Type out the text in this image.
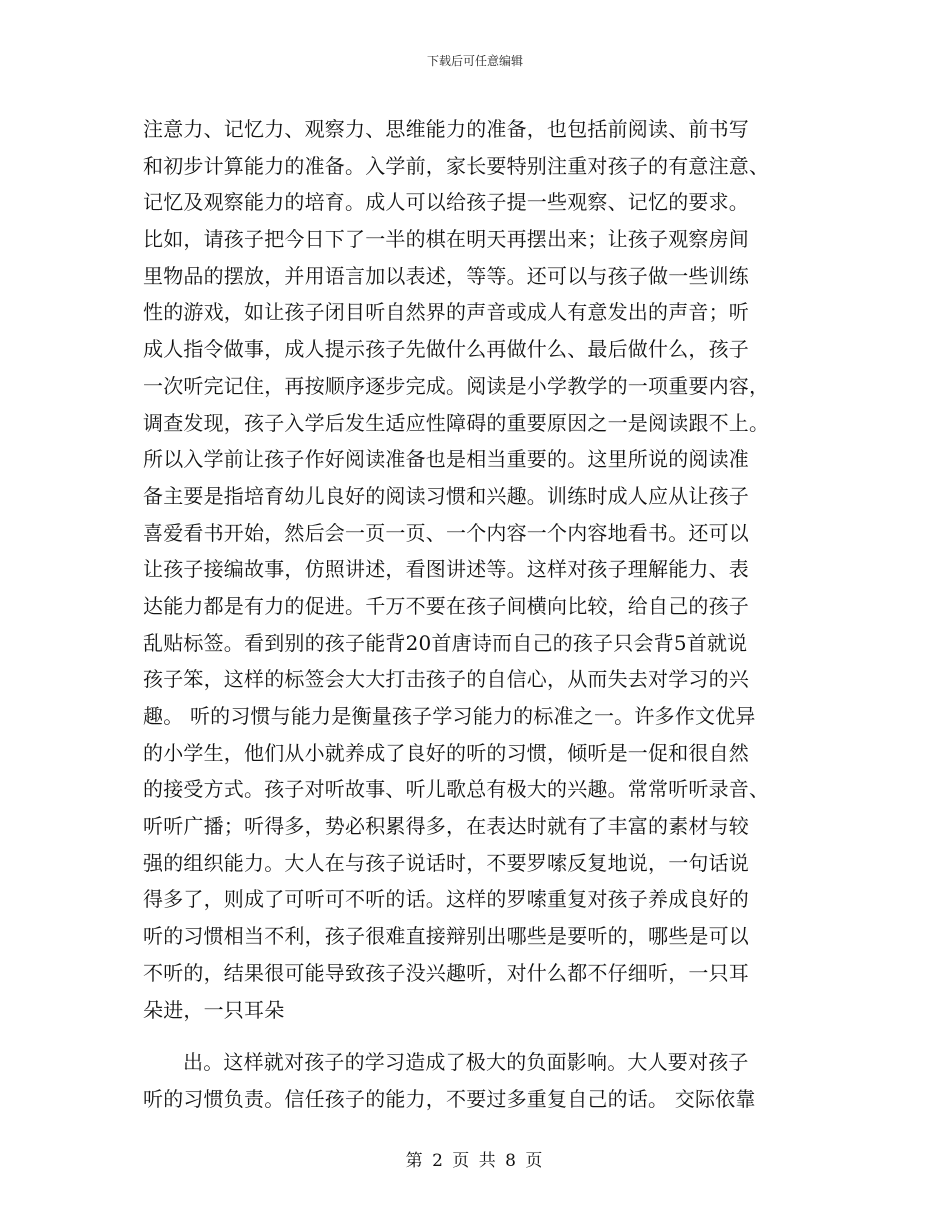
下载后可任意编辑
注意力、记忆力、观察力、思维能力的准备，也包括前阅读、前书写
和初步计算能力的准备。入学前，家长要特别注重对孩子的有意注意、
记忆及观察能力的培育。成人可以给孩子提一些观察、记忆的要求。
比如，请孩子把今日下了一半的棋在明天再摆出来；让孩子观察房间
里物品的摆放，并用语言加以表述，等等。还可以与孩子做一些训练
性的游戏，如让孩子闭目听自然界的声音或成人有意发出的声音；听
成人指令做事，成人提示孩子先做什么再做什么、最后做什么，孩子
一次听完记住，再按顺序逐步完成。阅读是小学教学的一项重要内容，
调查发现，孩子入学后发生适应性障碍的重要原因之一是阅读跟不上。
所以入学前让孩子作好阅读准备也是相当重要的。这里所说的阅读准
备主要是指培育幼儿良好的阅读习惯和兴趣。训练时成人应从让孩子
喜爱看书开始，然后会一页一页、一个内容一个内容地看书。还可以
让孩子接编故事，仿照讲述，看图讲述等。这样对孩子理解能力、表
达能力都是有力的促进。千万不要在孩子间横向比较，给自己的孩子
乱贴标签。看到别的孩子能背20首唐诗而自己的孩子只会背5首就说
孩子笨，这样的标签会大大打击孩子的自信心，从而失去对学习的兴
趣。 听的习惯与能力是衡量孩子学习能力的标准之一。许多作文优异
的小学生，他们从小就养成了良好的听的习惯，倾听是一促和很自然
的接受方式。孩子对听故事、听儿歌总有极大的兴趣。常常听听录音、
听听广播；听得多，势必积累得多，在表达时就有了丰富的素材与较
强的组织能力。大人在与孩子说话时，不要罗嗦反复地说，一句话说
得多了，则成了可听可不听的话。这样的罗嗦重复对孩子养成良好的
听的习惯相当不利，孩子很难直接辩别出哪些是要听的，哪些是可以
不听的，结果很可能导致孩子没兴趣听，对什么都不仔细听，一只耳
朵进，一只耳朵
出。这样就对孩子的学习造成了极大的负面影响。大人要对孩子
听的习惯负责。信任孩子的能力，不要过多重复自己的话。 交际依靠
第 2 页 共 8 页
